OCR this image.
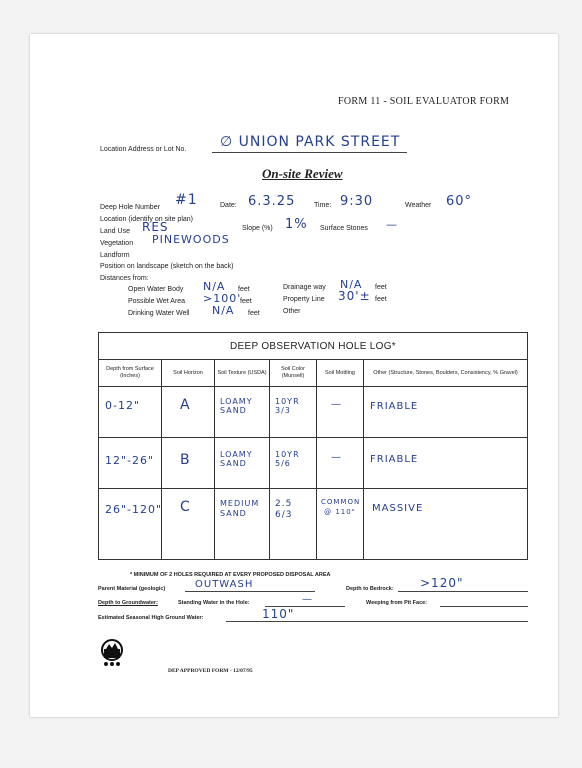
FORM 11 - SOIL EVALUATOR FORM
Location Address or Lot No. ∅ UNION PARK STREET
On-site Review
Deep Hole Number #1	Date: 6.3.25	Time: 9:30	Weather 60°
Location (identify on site plan)
Land Use RES	Slope (%) 1% Surface Stones —
Vegetation PINEWOODS
Landform
Position on landscape (sketch on the back)
Distances from:
Open Water Body N/A feet
Possible Wet Area >100'
feet
Drinking Water Well N/A feet
Drainage way N/A feet
Property Line 30'± feet
Other
DEEP OBSERVATION HOLE LOG*					
Depth from Surface (Inches)	Soil Horizon	Soil Texture (USDA)	Soil Color (Munsell)	Soil Mottling	Other (Structure, Stones, Boulders, Consistency, % Gravel)

0-12"	A	LOAMY SAND	10YR 3/3	—	FRIABLE

12"-26"	B	LOAMY SAND	10YR 5/6	—	FRIABLE

26"-120"	C	MEDIUM SAND	2.5 6/3	COMMON @ 110"	MASSIVE
* MINIMUM OF 2 HOLES REQUIRED AT EVERY PROPOSED DISPOSAL AREA
Parent Material (geologic)	OUTWASH	Depth to Bedrock: >120"
Depth to Groundwater:	Standing Water in the Hole:	—	Weeping from Pit Face:
Estimated Seasonal High Ground Water:	110"
DEP APPROVED FORM - 12/07/95
